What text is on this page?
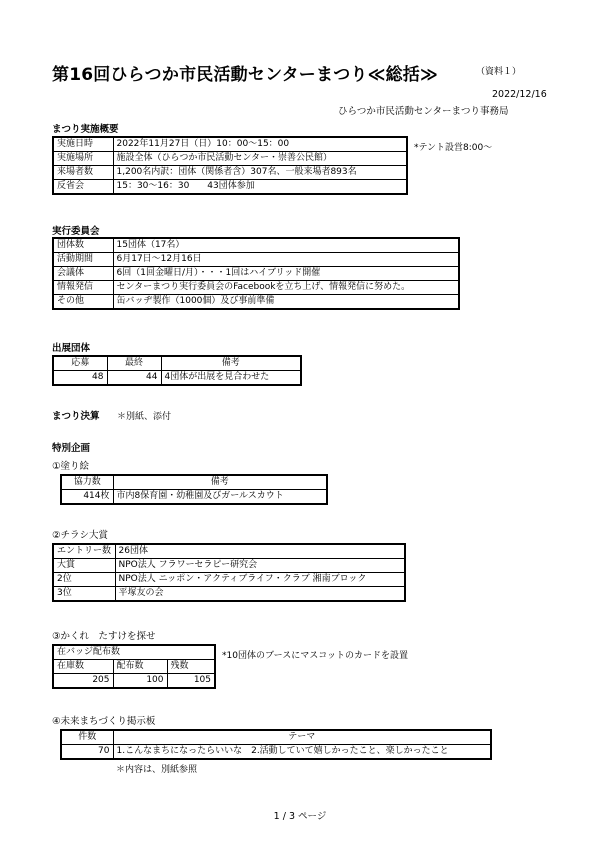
第16回ひらつか市民活動センターまつり≪総括≫	（資料１）
2022/12/16
ひらつか市民活動センターまつり事務局
まつり実施概要
実施日時	2022年11月27日（日）10：00～15：00
実施場所	施設全体（ひらつか市民活動センター・崇善公民館）
来場者数	1,200名内訳：団体（関係者含）307名、一般来場者893名
反省会	15：30～16：30　　43団体参加
*テント設営8:00～
実行委員会
団体数	15団体（17名）
活動期間	6月17日～12月16日
会議体	6回（1回金曜日/月）・・・1回はハイブリッド開催
情報発信	センターまつり実行委員会のFacebookを立ち上げ、情報発信に努めた。
その他	缶バッヂ製作（1000個）及び事前準備
出展団体
応募	最終	備考
48	44	4団体が出展を見合わせた
まつり決算 ＊別紙、添付
特別企画
①塗り絵
協力数	備考
414枚	市内8保育園・幼稚園及びガールスカウト
②チラシ大賞
エントリー数	26団体
大賞	NPO法人 フラワーセラピー研究会
2位	NPO法人 ニッポン・アクティブライフ・クラブ 湘南ブロック
3位	平塚友の会
③かくれ　たすけを探せ
在バッジ配布数		
在庫数	配布数	残数
205	100	105
*10団体のブースにマスコットのカードを設置
④未来まちづくり掲示板
件数	テーマ
70	1.こんなまちになったらいいな　2.活動していて嬉しかったこと、楽しかったこと
＊内容は、別紙参照
1 / 3 ページ
